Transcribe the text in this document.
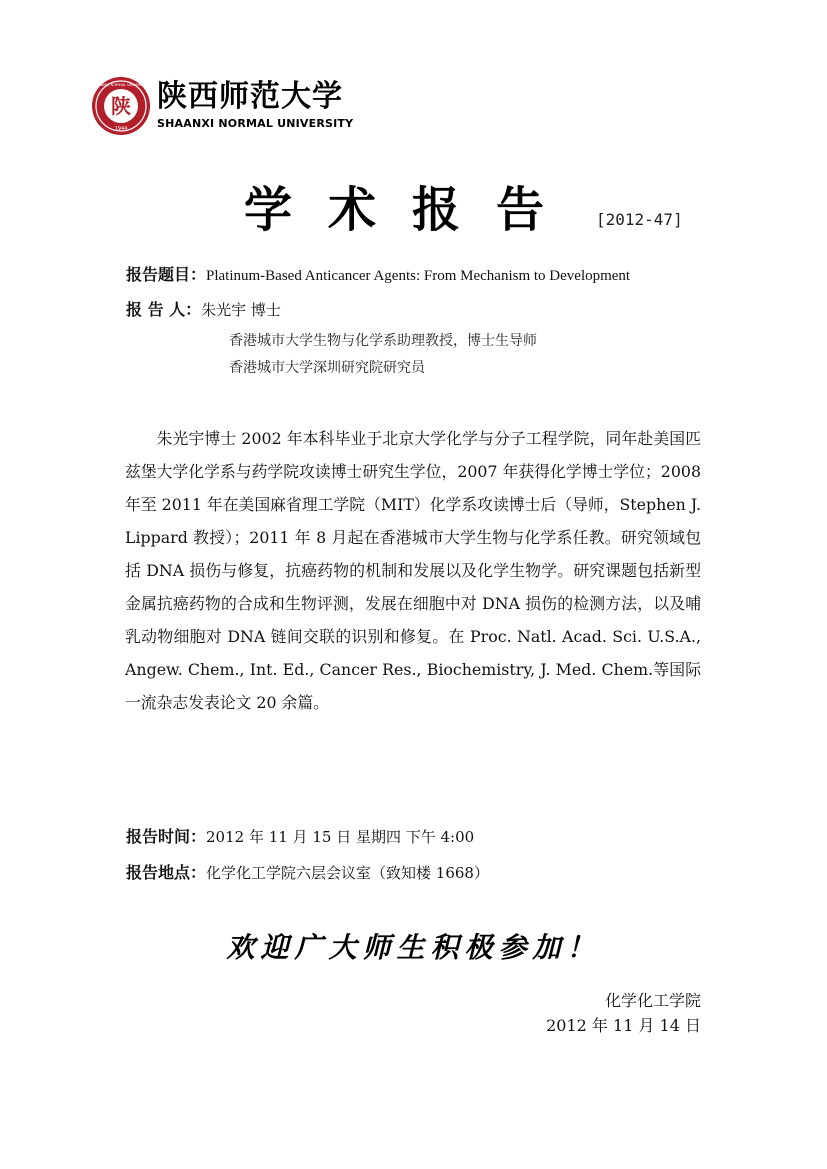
陕
1944
SHAANXI NORMAL UNIVERSITY 陕西师范大学
SHAANXI NORMAL UNIVERSITY
学术报告 [2012-47]
报告题目：Platinum-Based Anticancer Agents: From Mechanism to Development
报 告 人：朱光宇 博士
香港城市大学生物与化学系助理教授，博士生导师
香港城市大学深圳研究院研究员

朱光宇博士 2002 年本科毕业于北京大学化学与分子工程学院，同年赴美国匹兹堡大学化学系与药学院攻读博士研究生学位，2007 年获得化学博士学位；2008 年至 2011 年在美国麻省理工学院（MIT）化学系攻读博士后（导师，Stephen J. Lippard 教授）；2011 年 8 月起在香港城市大学生物与化学系任教。研究领域包括 DNA 损伤与修复，抗癌药物的机制和发展以及化学生物学。研究课题包括新型金属抗癌药物的合成和生物评测，发展在细胞中对 DNA 损伤的检测方法，以及哺乳动物细胞对 DNA 链间交联的识别和修复。在 Proc. Natl. Acad. Sci. U.S.A., Angew. Chem., Int. Ed., Cancer Res., Biochemistry, J. Med. Chem.等国际一流杂志发表论文 20 余篇。

报告时间：2012 年 11 月 15 日 星期四 下午 4:00
报告地点：化学化工学院六层会议室（致知楼 1668）
欢迎广大师生积极参加！
化学化工学院
2012 年 11 月 14 日
